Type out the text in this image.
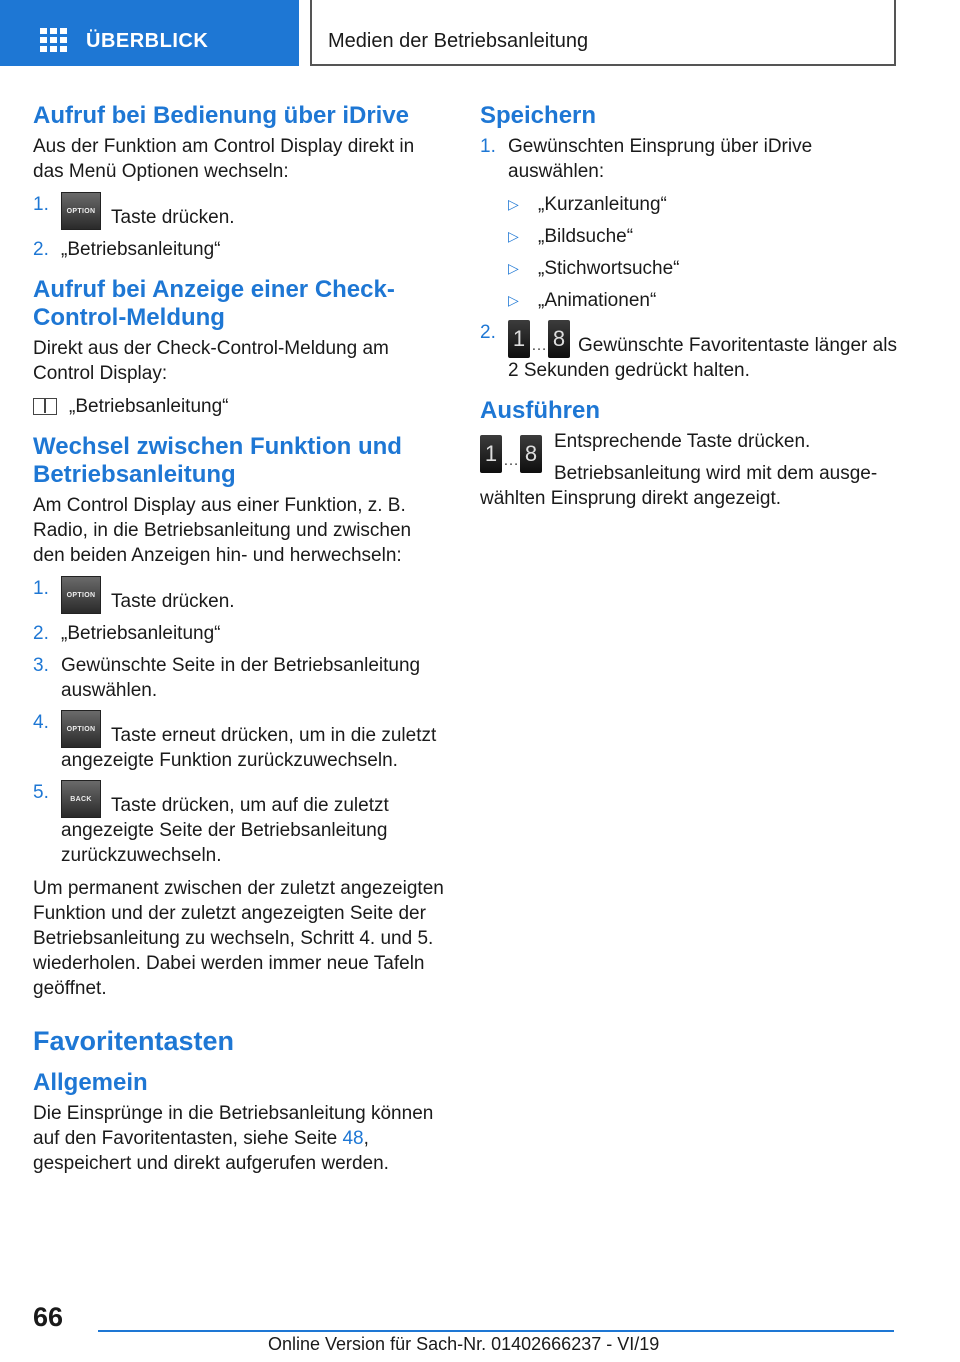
ÜBERBLICK	Medien der Betriebsanleitung
Aufruf bei Bedienung über iDrive

Aus der Funktion am Control Display direkt in das Menü Optionen wechseln:

1.	OPTION Taste drücken.
2. „Betriebsanleitung“
Aufruf bei Anzeige einer Check-Control-Meldung

Direkt aus der Check-Control-Meldung am Control Display:

„Betriebsanleitung“
Wechsel zwischen Funktion und Betriebsanleitung

Am Control Display aus einer Funktion, z. B. Radio, in die Betriebsanleitung und zwischen den beiden Anzeigen hin- und herwechseln:

1.	OPTION Taste drücken.
2. „Betriebsanleitung“
3. Gewünschte Seite in der Betriebsanleitung auswählen.
4.	OPTION Taste erneut drücken, um in die zuletzt angezeigte Funktion zurückzuwechseln.
5.	BACK Taste drücken, um auf die zuletzt angezeigte Seite der Betriebsanleitung zurückzuwechseln.

Um permanent zwischen der zuletzt angezeigten Funktion und der zuletzt angezeigten Seite der Betriebsanleitung zu wechseln, Schritt 4. und 5. wiederholen. Dabei werden immer neue Tafeln geöffnet.

Favoritentasten
Allgemein

Die Einsprünge in die Betriebsanleitung können auf den Favoritentasten, siehe Seite 48, gespeichert und direkt aufgerufen werden.

Speichern
1. Gewünschten Einsprung über iDrive auswählen:
▷ „Kurzanleitung“
▷ „Bildsuche“
▷ „Stichwortsuche“
▷ „Animationen“
2. 1 … 8 Gewünschte Favoritentaste länger als 2 Sekunden gedrückt halten.
Ausführen
1 … 8 Entsprechende Taste drücken.
Betriebsanleitung wird mit dem ausge-
wählten Einsprung direkt angezeigt.
66
Online Version für Sach-Nr. 01402666237 - VI/19
